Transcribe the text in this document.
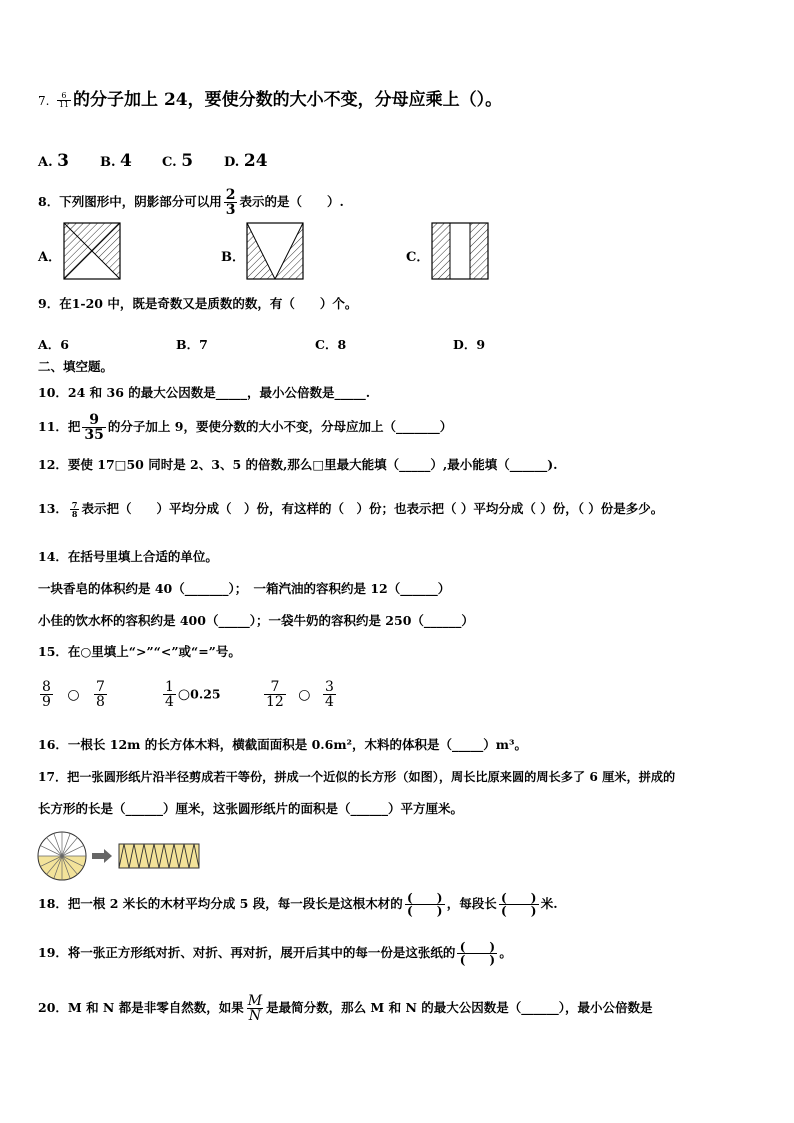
7. $\frac{6}{11}$ 的分子加上 24，要使分数的大小不变，分母应乘上（）。
A. 3 B. 4 C. 5 D. 24
8．下列图形中，阴影部分可以用 $\frac{2}{3}$ 表示的是（　　）.
A．	B．	C．
9．在1-20 中，既是奇数又是质数的数，有（　　）个。
A．6	B．7	C．8	D．9
二、填空题。
10．24 和 36 的最大公因数是_____，最小公倍数是_____.
11．把 $\frac{9}{35}$ 的分子加上 9，要使分数的大小不变，分母应加上（_______）
12．要使 17□50 同时是 2、3、5 的倍数,那么□里最大能填（_____）,最小能填（______).
13． $\frac{7}{8}$ 表示把（　　）平均分成（　）份，有这样的（　）份；也表示把（ ）平均分成（ ）份，（ ）份是多少。
14．在括号里填上合适的单位。
一块香皂的体积约是 40（_______）；　一箱汽油的容积约是 12（______）
小佳的饮水杯的容积约是 400（_____）；一袋牛奶的容积约是 250（______）
15．在○里填上“>”“<”或“=”号。
$\frac{8}{9}$ ○ $\frac{7}{8}$	$\frac{1}{4}$ ○0.25	$\frac{7}{12}$ ○ $\frac{3}{4}$
16．一根长 12m 的长方体木料，横截面面积是 0.6m²，木料的体积是（_____）m³。
17．把一张圆形纸片沿半径剪成若干等份，拼成一个近似的长方形（如图），周长比原来圆的周长多了 6 厘米，拼成的
长方形的长是（______）厘米，这张圆形纸片的面积是（______）平方厘米。
18．把一根 2 米长的木材平均分成 5 段，每一段长是这根木材的 $\frac{( )}{( )}$ ，每段长 $\frac{( )}{( )}$ 米.
19．将一张正方形纸对折、对折、再对折，展开后其中的每一份是这张纸的 $\frac{( )}{( )}$ 。
20．M 和 N 都是非零自然数，如果 $\frac{M}{N}$ 是最简分数，那么 M 和 N 的最大公因数是（______），最小公倍数是
